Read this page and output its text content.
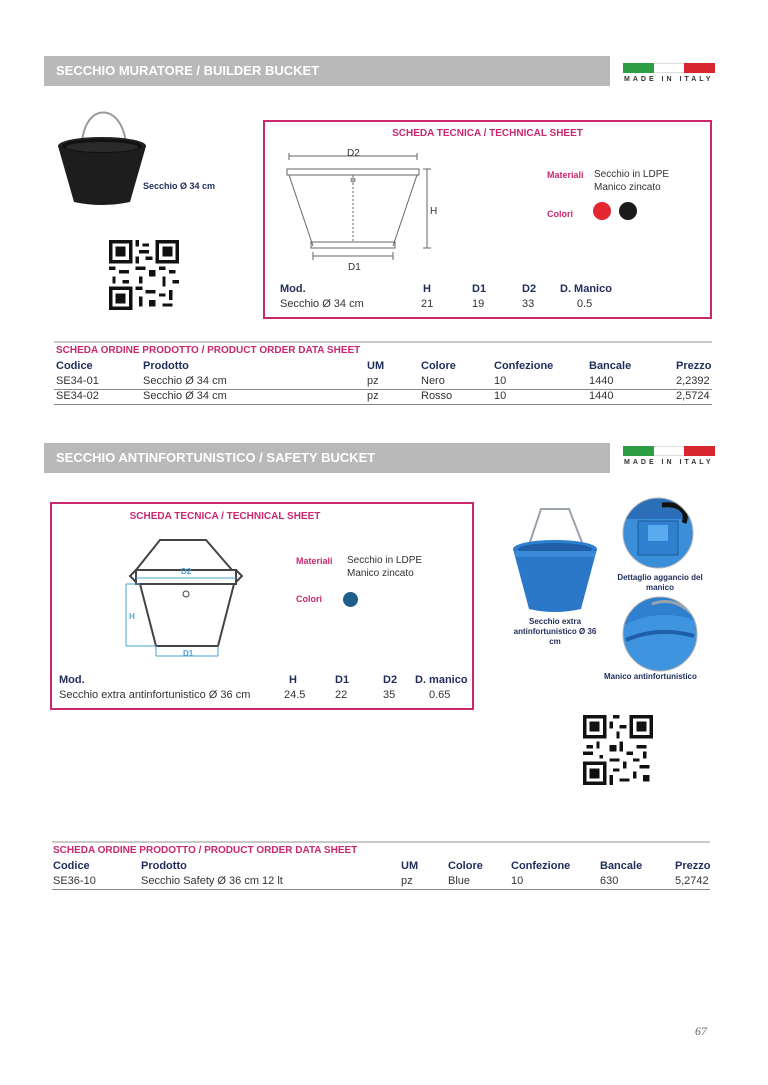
SECCHIO MURATORE / BUILDER BUCKET
MADE IN ITALY
Secchio Ø 34 cm
SCHEDA TECNICA / TECHNICAL SHEET
D2
H
D1
Materiali Secchio in LDPE
Manico zincato
Colori
Mod.	H	D1	D2 D. Manico
Secchio Ø 34 cm	21	19	33	0.5
SCHEDA ORDINE PRODOTTO / PRODUCT ORDER DATA SHEET
Codice	Prodotto	UM	Colore	Confezione	Bancale	Prezzo
SE34-01	Secchio Ø 34 cm	pz	Nero	10	1440	2,2392
SE34-02	Secchio Ø 34 cm	pz	Rosso	10	1440	2,5724
SECCHIO ANTINFORTUNISTICO / SAFETY BUCKET	MADE IN ITALY
SCHEDA TECNICA / TECHNICAL SHEET
D2
H
D1
Materiali Secchio in LDPE
Manico zincato
Colori
Mod.	H	D1	D2 D. manico
Secchio extra antinfortunistico Ø 36 cm	24.5	22	35	0.65
Secchio extra
antinfortunistico Ø 36 cm
Dettaglio aggancio del
manico
Manico antinfortunistico
SCHEDA ORDINE PRODOTTO / PRODUCT ORDER DATA SHEET
Codice	Prodotto	UM	Colore	Confezione	Bancale	Prezzo
SE36-10	Secchio Safety Ø 36 cm 12 lt	pz	Blue	10	630	5,2742
67
